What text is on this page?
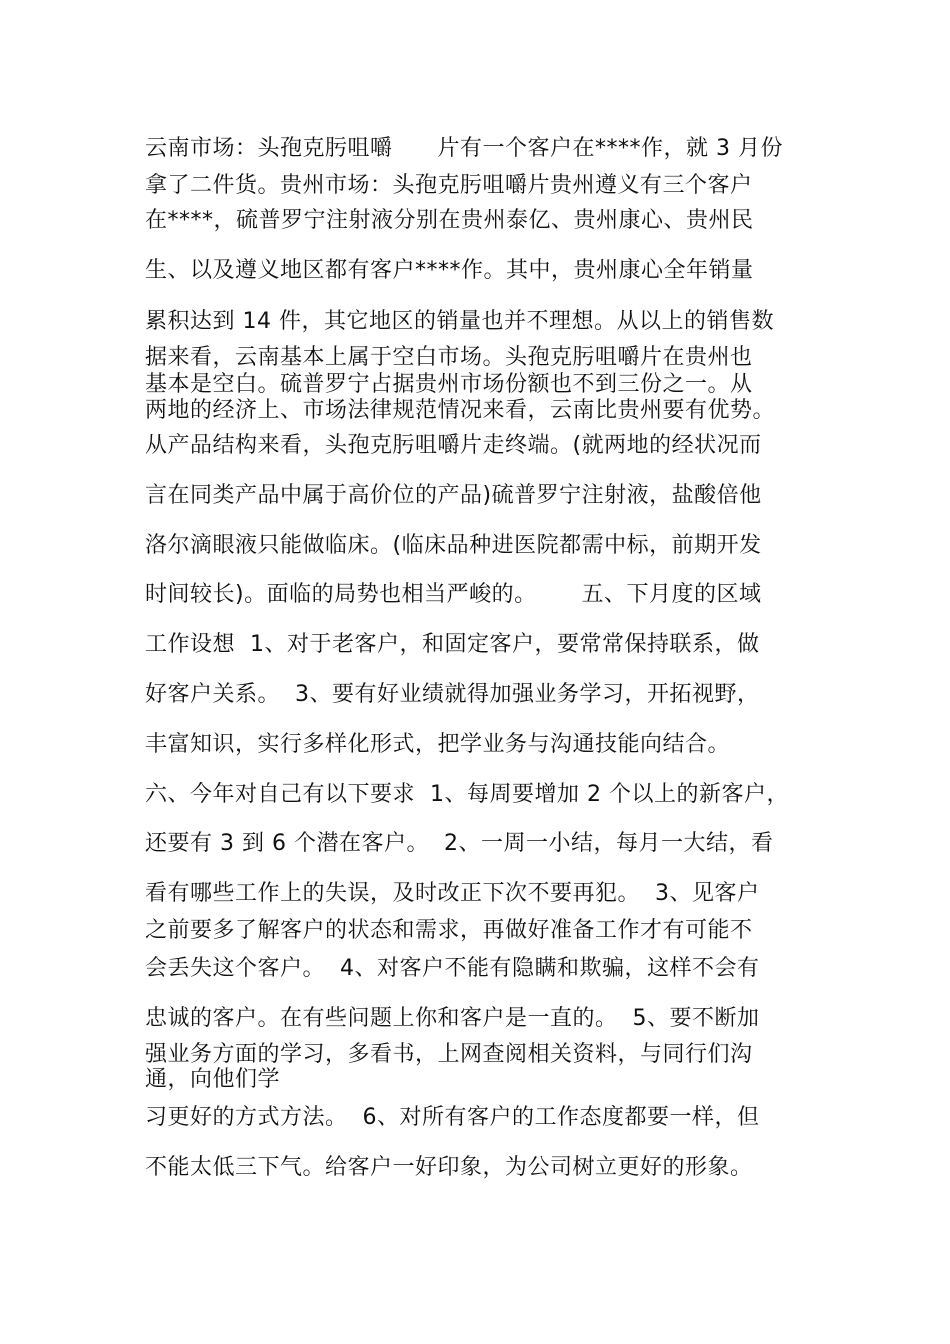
云南市场：头孢克肟咀嚼      片有一个客户在****作，就 3 月份
拿了二件货。贵州市场：头孢克肟咀嚼片贵州遵义有三个客户
在****，硫普罗宁注射液分别在贵州泰亿、贵州康心、贵州民
生、以及遵义地区都有客户****作。其中，贵州康心全年销量
累积达到 14 件，其它地区的销量也并不理想。从以上的销售数
据来看，云南基本上属于空白市场。头孢克肟咀嚼片在贵州也
基本是空白。硫普罗宁占据贵州市场份额也不到三份之一。从
两地的经济上、市场法律规范情况来看，云南比贵州要有优势。
从产品结构来看，头孢克肟咀嚼片走终端。(就两地的经状况而
言在同类产品中属于高价位的产品)硫普罗宁注射液，盐酸倍他
洛尔滴眼液只能做临床。(临床品种进医院都需中标，前期开发
时间较长)。面临的局势也相当严峻的。      五、下月度的区域
工作设想  1、对于老客户，和固定客户，要常常保持联系，做
好客户关系。  3、要有好业绩就得加强业务学习，开拓视野，
丰富知识，实行多样化形式，把学业务与沟通技能向结合。
六、今年对自己有以下要求  1、每周要增加 2 个以上的新客户，
还要有 3 到 6 个潜在客户。  2、一周一小结，每月一大结，看
看有哪些工作上的失误，及时改正下次不要再犯。  3、见客户
之前要多了解客户的状态和需求，再做好准备工作才有可能不
会丢失这个客户。  4、对客户不能有隐瞒和欺骗，这样不会有
忠诚的客户。在有些问题上你和客户是一直的。  5、要不断加
强业务方面的学习，多看书，上网查阅相关资料，与同行们沟
通，向他们学
习更好的方式方法。  6、对所有客户的工作态度都要一样，但
不能太低三下气。给客户一好印象，为公司树立更好的形象。
